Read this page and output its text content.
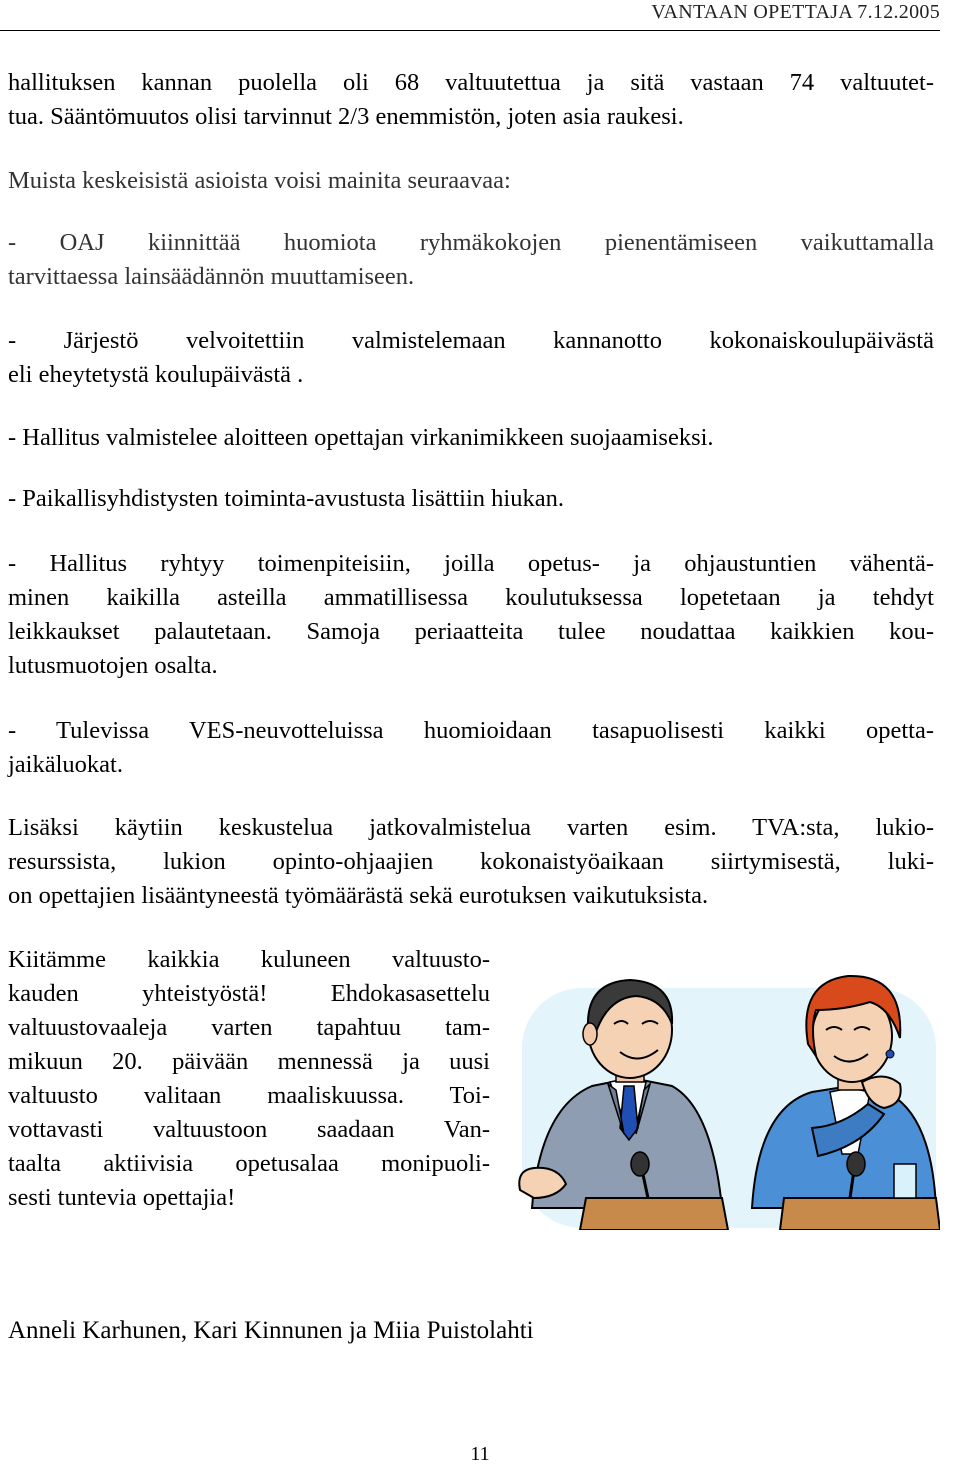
VANTAAN OPETTAJA 7.12.2005
hallituksen kannan puolella oli 68 valtuutettua ja sitä vastaan 74 valtuutet-
tua. Sääntömuutos olisi tarvinnut 2/3 enemmistön, joten asia raukesi.
Muista keskeisistä asioista voisi mainita seuraavaa:
- OAJ kiinnittää huomiota ryhmäkokojen pienentämiseen vaikuttamalla
tarvittaessa lainsäädännön muuttamiseen.
- Järjestö velvoitettiin valmistelemaan kannanotto kokonaiskoulupäivästä
eli eheytetystä koulupäivästä .
- Hallitus valmistelee aloitteen opettajan virkanimikkeen suojaamiseksi.
- Paikallisyhdistysten toiminta-avustusta lisättiin hiukan.
- Hallitus ryhtyy toimenpiteisiin, joilla opetus- ja ohjaustuntien vähentä-
minen kaikilla asteilla ammatillisessa koulutuksessa lopetetaan ja tehdyt
leikkaukset palautetaan. Samoja periaatteita tulee noudattaa kaikkien kou-
lutusmuotojen osalta.
- Tulevissa VES-neuvotteluissa huomioidaan tasapuolisesti kaikki opetta-
jaikäluokat.
Lisäksi käytiin keskustelua jatkovalmistelua varten esim. TVA:sta, lukio-
resurssista, lukion opinto-ohjaajien kokonaistyöaikaan siirtymisestä, luki-
on opettajien lisääntyneestä työmäärästä sekä eurotuksen vaikutuksista.
Kiitämme kaikkia kuluneen valtuusto-
kauden yhteistyöstä! Ehdokasasettelu
valtuustovaaleja varten tapahtuu tam-
mikuun 20. päivään mennessä ja uusi
valtuusto valitaan maaliskuussa. Toi-
vottavasti valtuustoon saadaan Van-
taalta aktiivisia opetusalaa monipuoli-
sesti tuntevia opettajia!
Anneli Karhunen, Kari Kinnunen ja Miia Puistolahti
11
